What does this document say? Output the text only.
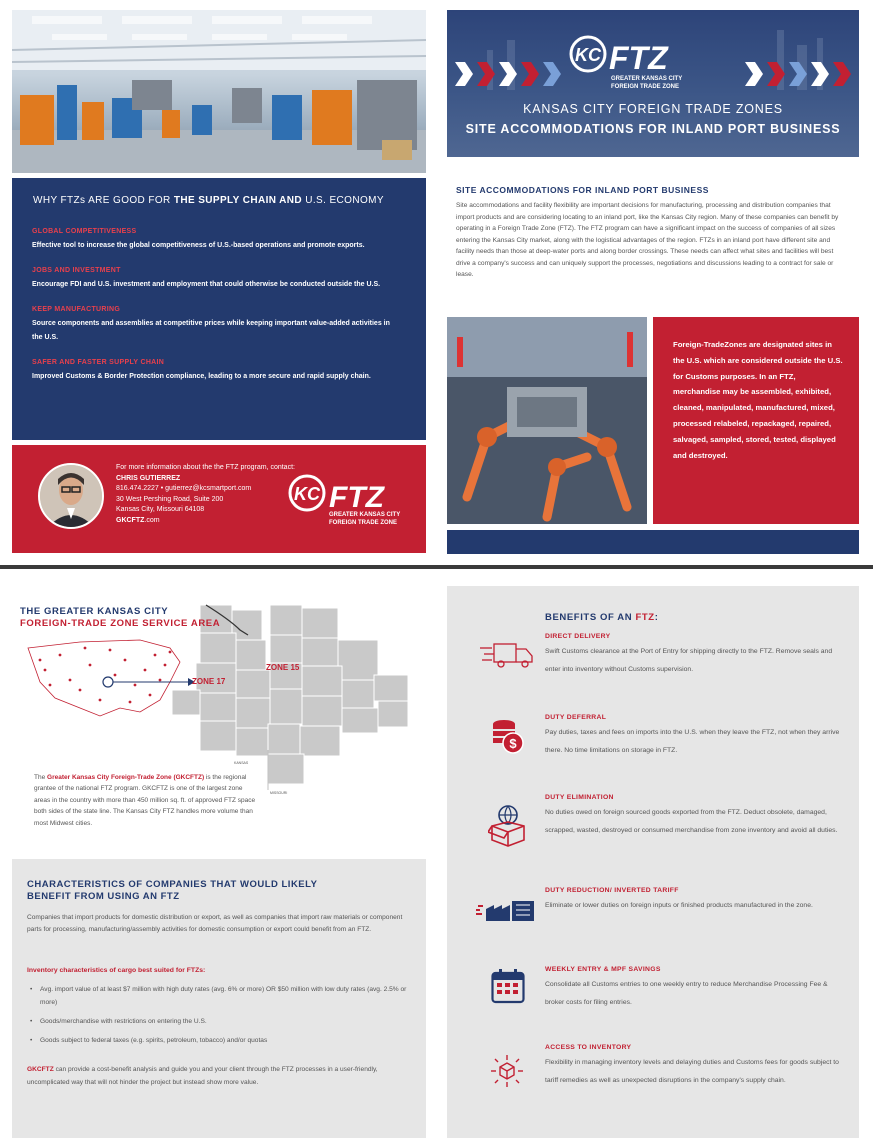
WHY FTZs ARE GOOD FOR THE SUPPLY CHAIN AND U.S. ECONOMY
GLOBAL COMPETITIVENESS
Effective tool to increase the global competitiveness of U.S.-based operations and promote exports.
JOBS AND INVESTMENT
Encourage FDI and U.S. investment and employment that could otherwise be conducted outside the U.S.
KEEP MANUFACTURING
Source components and assemblies at competitive prices while keeping important value-added activities in the U.S.
SAFER AND FASTER SUPPLY CHAIN
Improved Customs & Border Protection compliance, leading to a more secure and rapid supply chain.
For more information about the the FTZ program, contact:
CHRIS GUTIERREZ
816.474.2227 • gutierrez@kcsmartport.com
30 West Pershing Road, Suite 200
Kansas City, Missouri 64108
GKCFTZ.com
KC FTZ
GREATER KANSAS CITY
FOREIGN TRADE ZONE
KC FTZ
GREATER KANSAS CITY
FOREIGN TRADE ZONE
KANSAS CITY FOREIGN TRADE ZONES
SITE ACCOMMODATIONS FOR INLAND PORT BUSINESS
SITE ACCOMMODATIONS FOR INLAND PORT BUSINESS
Site accommodations and facility flexibility are important decisions for manufacturing, processing and distribution companies that import products and are considering locating to an inland port, like the Kansas City region. Many of these companies can benefit by operating in a Foreign Trade Zone (FTZ). The FTZ program can have a significant impact on the success of companies of all sizes entering the Kansas City market, along with the logistical advantages of the region. FTZs in an inland port have different site and facility needs than those at deep-water ports and along border crossings. These needs can affect what sites and facilities will best drive a company's success and can uniquely support the processes, negotiations and discussions leading to a contract for sale or lease.
Foreign-TradeZones are designated sites in the U.S. which are considered outside the U.S. for Customs purposes. In an FTZ, merchandise may be assembled, exhibited, cleaned, manipulated, manufactured, mixed, processed relabeled, repackaged, repaired, salvaged, sampled, stored, tested, displayed and destroyed.
ZONE 17
ZONE 15
KANSAS
MISSOURI
THE GREATER KANSAS CITY
FOREIGN-TRADE ZONE SERVICE AREA
The Greater Kansas City Foreign-Trade Zone (GKCFTZ) is the regional grantee of the national FTZ program. GKCFTZ is one of the largest zone areas in the country with more than 450 million sq. ft. of approved FTZ space both sides of the state line. The Kansas City FTZ handles more volume than most Midwest cities.
CHARACTERISTICS OF COMPANIES THAT WOULD LIKELY BENEFIT FROM USING AN FTZ
Companies that import products for domestic distribution or export, as well as companies that import raw materials or component parts for processing, manufacturing/assembly activities for domestic consumption or export could benefit from an FTZ.
Inventory characteristics of cargo best suited for FTZs:
• Avg. import value of at least $7 million with high duty rates (avg. 6% or more) OR $50 million with low duty rates (avg. 2.5% or more)
• Goods/merchandise with restrictions on entering the U.S.
• Goods subject to federal taxes (e.g. spirits, petroleum, tobacco) and/or quotas
GKCFTZ can provide a cost-benefit analysis and guide you and your client through the FTZ processes in a user-friendly, uncomplicated way that will not hinder the project but instead show more value.
BENEFITS OF AN FTZ:
DIRECT DELIVERY
Swift Customs clearance at the Port of Entry for shipping directly to the FTZ. Remove seals and enter into inventory without Customs supervision.
$
DUTY DEFERRAL
Pay duties, taxes and fees on imports into the U.S. when they leave the FTZ, not when they arrive there. No time limitations on storage in FTZ.
DUTY ELIMINATION
No duties owed on foreign sourced goods exported from the FTZ. Deduct obsolete, damaged, scrapped, wasted, destroyed or consumed merchandise from zone inventory and avoid all duties.
DUTY REDUCTION/ INVERTED TARIFF
Eliminate or lower duties on foreign inputs or finished products manufactured in the zone.
WEEKLY ENTRY & MPF SAVINGS
Consolidate all Customs entries to one weekly entry to reduce Merchandise Processing Fee & broker costs for filing entries.
ACCESS TO INVENTORY
Flexibility in managing inventory levels and delaying duties and Customs fees for goods subject to tariff remedies as well as unexpected disruptions in the company's supply chain.
